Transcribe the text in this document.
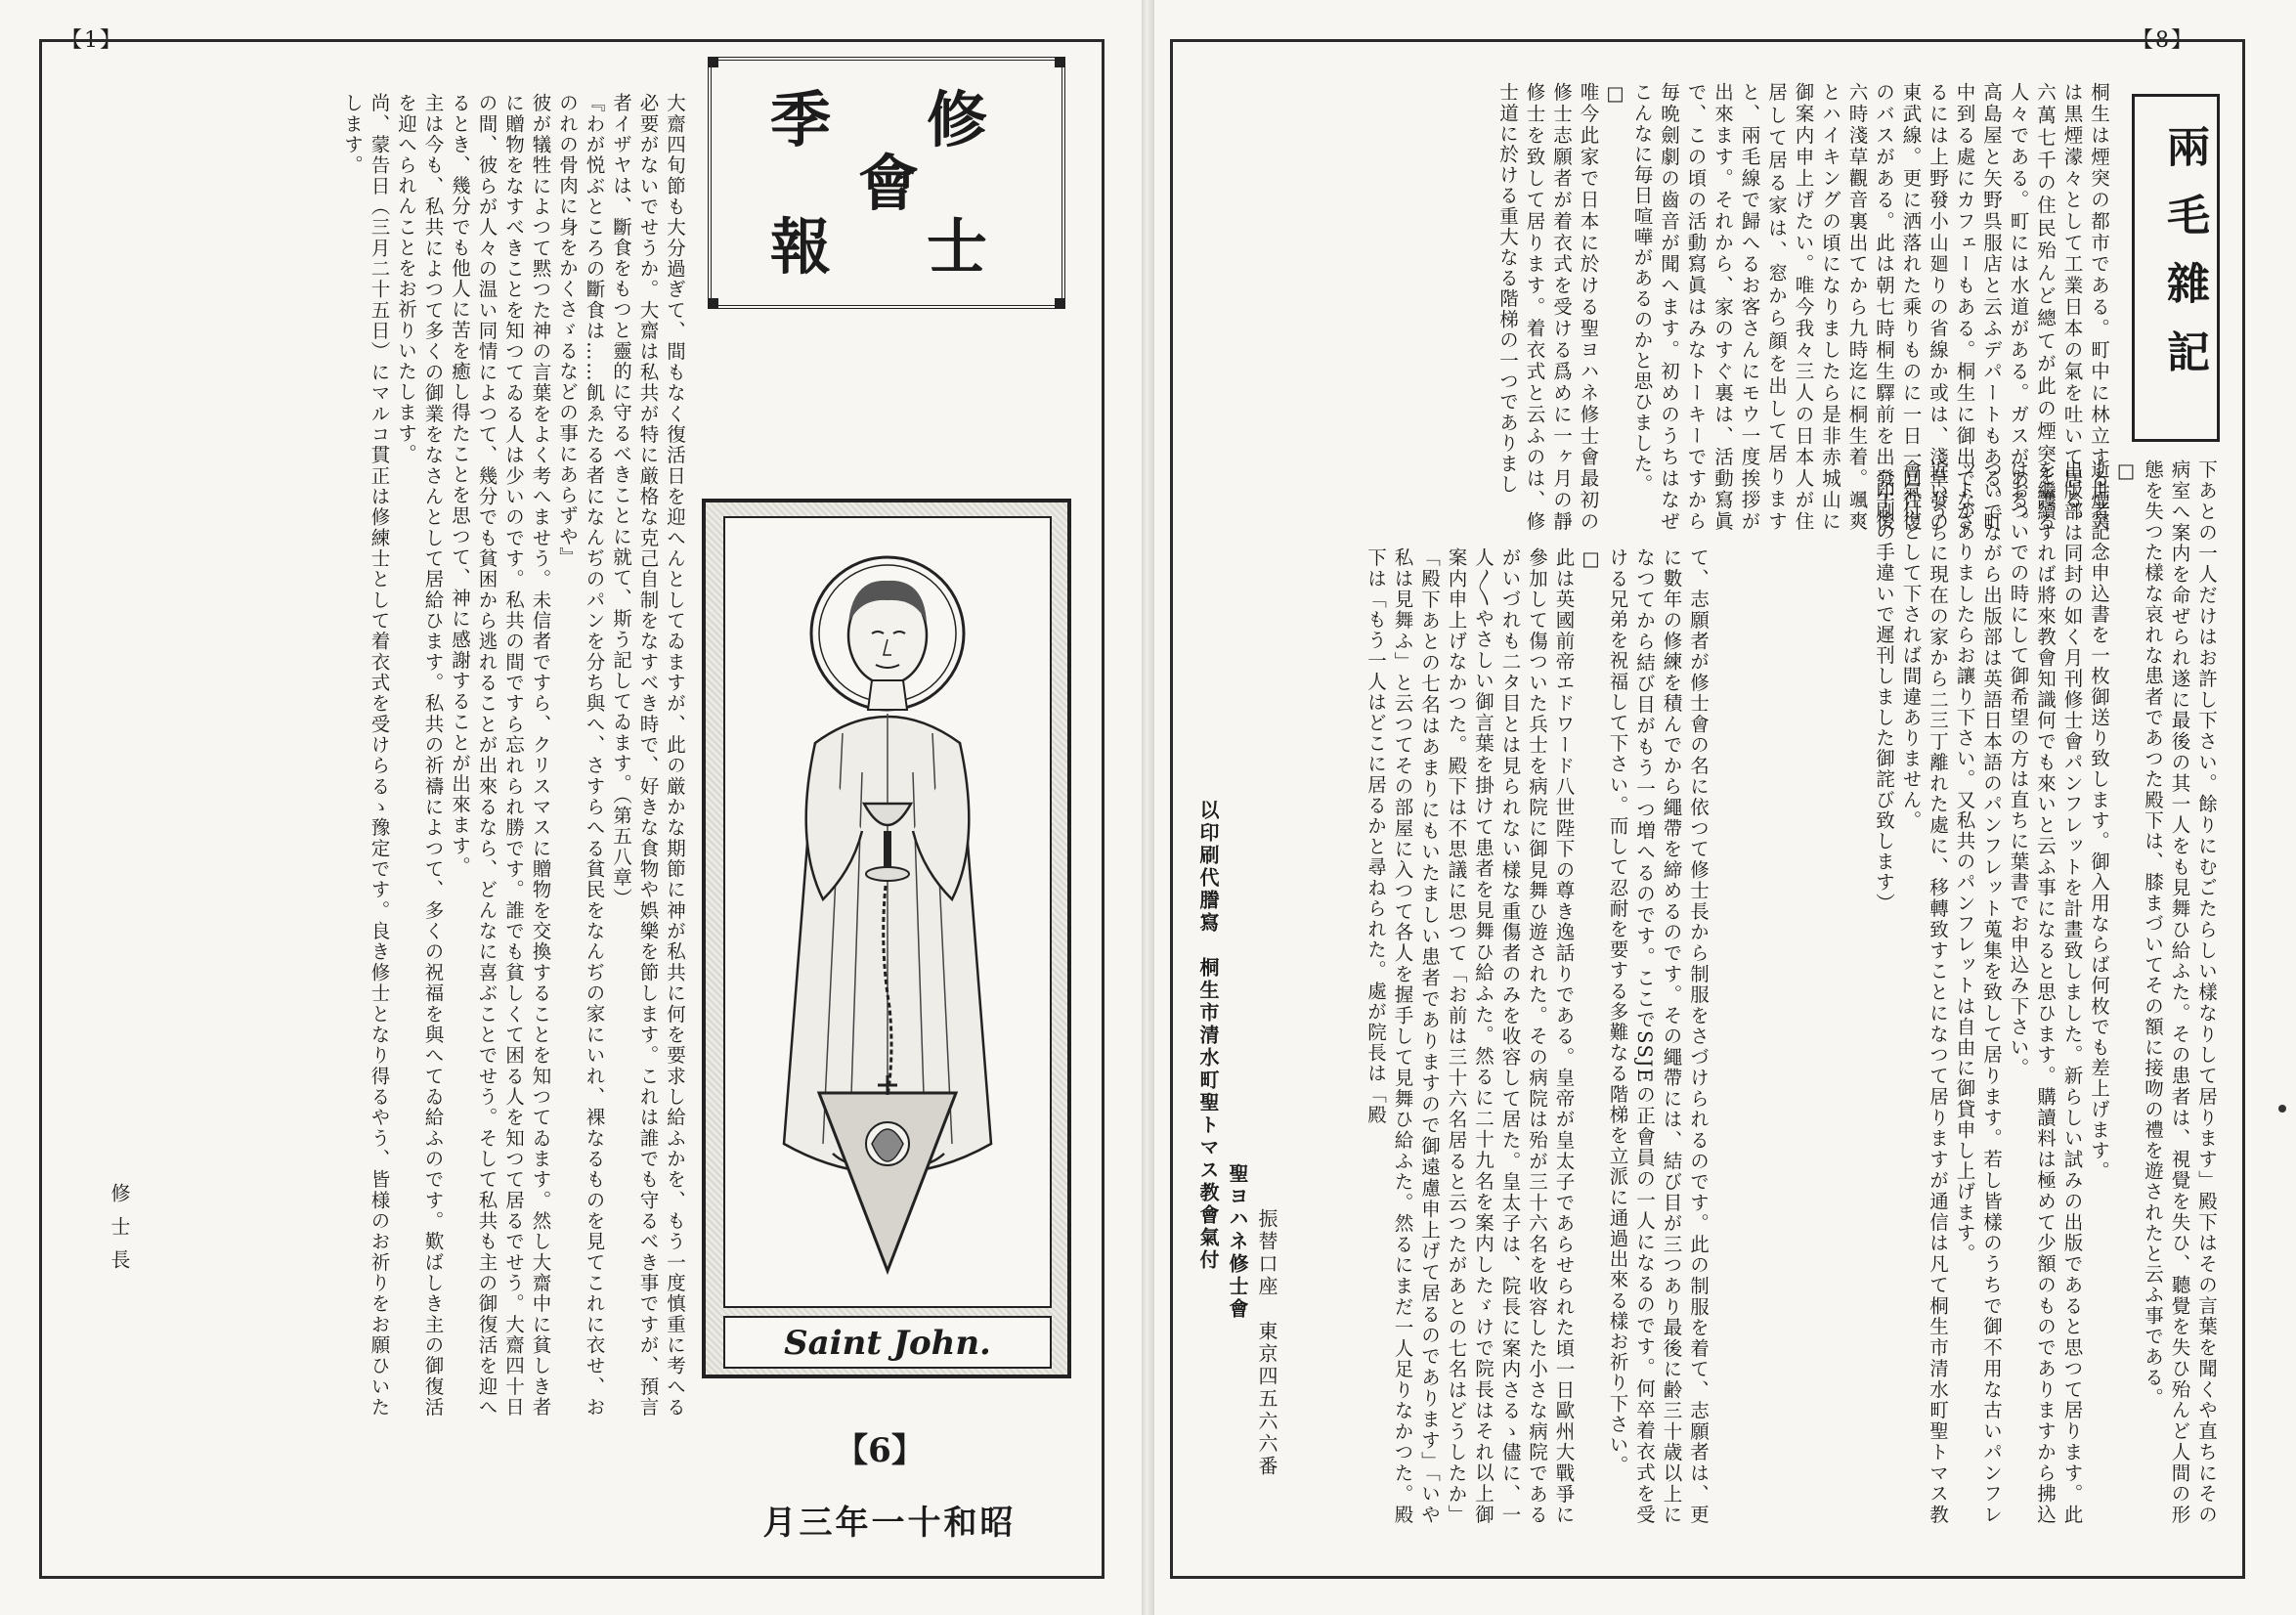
【1】

大齋四旬節も大分過ぎて、間もなく復活日を迎へんとしてゐますが、此の厳かな期節に神が私共に何を要求し給ふかを、もう一度慎重に考へる必要がないでせうか。大齋は私共が特に厳格な克己自制をなすべき時で、好きな食物や娯樂を節します。これは誰でも守るべき事ですが、預言者イザヤは、斷食をもつと靈的に守るべきことに就て、斯う記してゐます。（第五八章）
『わが悦ぶところの斷食は……飢ゑたる者になんぢのパンを分ち與へ、さすらへる貧民をなんぢの家にいれ、裸なるものを見てこれに衣せ、おのれの骨肉に身をかくさゞるなどの事にあらずや』
彼が犠牲によつて黙つた神の言葉をよく考へませう。未信者ですら、クリスマスに贈物を交換することを知つてゐます。然し大齋中に貧しき者に贈物をなすべきことを知つてゐる人は少いのです。私共の間ですら忘れられ勝です。誰でも貧しくて困る人を知つて居るでせう。大齋四十日の間、彼らが人々の温い同情によつて、幾分でも貧困から逃れることが出來るなら、どんなに喜ぶことでせう。そして私共も主の御復活を迎へるとき、幾分でも他人に苦を癒し得たことを思つて、神に感謝することが出來ます。
主は今も、私共によつて多くの御業をなさんとして居給ひます。私共の祈禱によつて、多くの祝福を與へてゐ給ふのです。歎ばしき主の御復活を迎へられんことをお祈りいたします。
尚、蒙告日（三月二十五日）にマルコ貫正は修練士として着衣式を受けらるゝ豫定です。良き修士となり得るやう、皆様のお祈りをお願ひいたします。

修士長
修
士
會
季
報
Saint John.
【6】
昭和十一年三月
【8】
兩毛雜記

桐生は煙突の都市である。町中に林立する煙突は黒煙濛々として工業日本の氣を吐いて居る。六萬七千の住民殆んど總てが此の煙突を護る人々である。町には水道がある。ガスがある。高島屋と矢野呉服店と云ふデパートもある。町中到る處にカフェーもある。桐生に御出でなさるには上野發小山廻りの省線か或は、淺草發の東武線。更に洒落れた乘りものに一日一回往復のバスがある。此は朝七時桐生驛前を出發午後六時淺草觀音裏出てから九時迄に桐生着。颯爽とハイキングの頃になりましたら是非赤城山に御案内申上げたい。唯今我々三人の日本人が住居して居る家は、窓から顔を出して居りますと、兩毛線で歸へるお客さんにモウ一度挨拶が出來ます。それから、家のすぐ裏は、活動寫眞で、この頃の活動寫眞はみなトーキーですから毎晩劍劇の齒音が聞へます。初めのうちはなぜこんなに毎日喧嘩があるのかと思ひました。
□
唯今此家で日本に於ける聖ヨハネ修士會最初の修士志願者が着衣式を受ける爲めに一ヶ月の靜修士を致して居ります。着衣式と云ふのは、修士道に於ける重大なる階梯の一つでありまし

て、志願者が修士會の名に依つて修士長から制服をさづけられるのです。此の制服を着て、志願者は、更に數年の修練を積んでから繩帶を締めるのです。その繩帶には、結び目が三つあり最後に齢三十歳以上になつてから結び目がもう一つ増へるのです。ここでSSJEの正會員の一人になるのです。何卒着衣式を受ける兄弟を祝福して下さい。而して忍耐を要する多難なる階梯を立派に通過出來る樣お祈り下さい。
□
此は英國前帝エドワード八世陛下の尊き逸話りである。皇帝が皇太子であらせられた頃一日歐州大戰爭に參加して傷ついた兵士を病院に御見舞ひ遊された。その病院は殆が三十六名を收容した小さな病院であるがいづれも二タ目とは見られない樣な重傷者のみを收容して居た。皇太子は、院長に案内さるゝ儘に、一人〳〵やさしい御言葉を掛けて患者を見舞ひ給ふた。然るに二十九名を案内したゞけで院長はそれ以上御案内申上げなかつた。殿下は不思議に思つて「お前は三十六名居ると云つたがあとの七名はどうしたか」「殿下あとの七名はあまりにもいたましい患者でありますので御遠慮申上げて居るのであります」「いや私は見舞ふ」と云つてその部屋に入つて各人を握手して見舞ひ給ふた。然るにまだ一人足りなかつた。殿下は「もう一人はどこに居るかと尋ねられた。處が院長は「殿	下あとの一人だけはお許し下さい。餘りにむごたらしい樣なりして居ります」殿下はその言葉を聞くや直ちにその病室へ案内を命ぜられ遂に最後の其一人をも見舞ひ給ふた。その患者は、視覺を失ひ、聽覺を失ひ殆んど人間の形態を失つた樣な哀れな患者であつた殿下は、膝まづいてその額に接吻の禮を遊されたと云ふ事である。
□
逝世者記念申込書を一枚御送り致します。御入用ならば何枚でも差上げます。
出版部は同封の如く月刊修士會パンフレットを計畫致しました。新らしい試みの出版であると思つて居ります。此を繼續すれば將來教會知識何でも來いと云ふ事になると思ひます。購讀料は極めて少額のものでありますから拂込はおついでの時にして御希望の方は直ちに葉書でお申込み下さい。
ついでながら出版部は英語日本語のパンフレット蒐集を致して居ります。若し皆樣のうちで御不用な古いパンフレットがありましたらお讓り下さい。又私共のパンフレットは自由に御貸申し上げます。
近いうちに現在の家から二三丁離れた處に、移轉致すことになつて居りますが通信は凡て桐生市清水町聖トマス教會氣付として下されば間違ありません。
（印刷の手違いで遲刊しました御詫び致します）

以印刷代謄寫　桐生市清水町聖トマス教會氣付 聖ヨハネ修士會 振替口座　東京四五六六番
